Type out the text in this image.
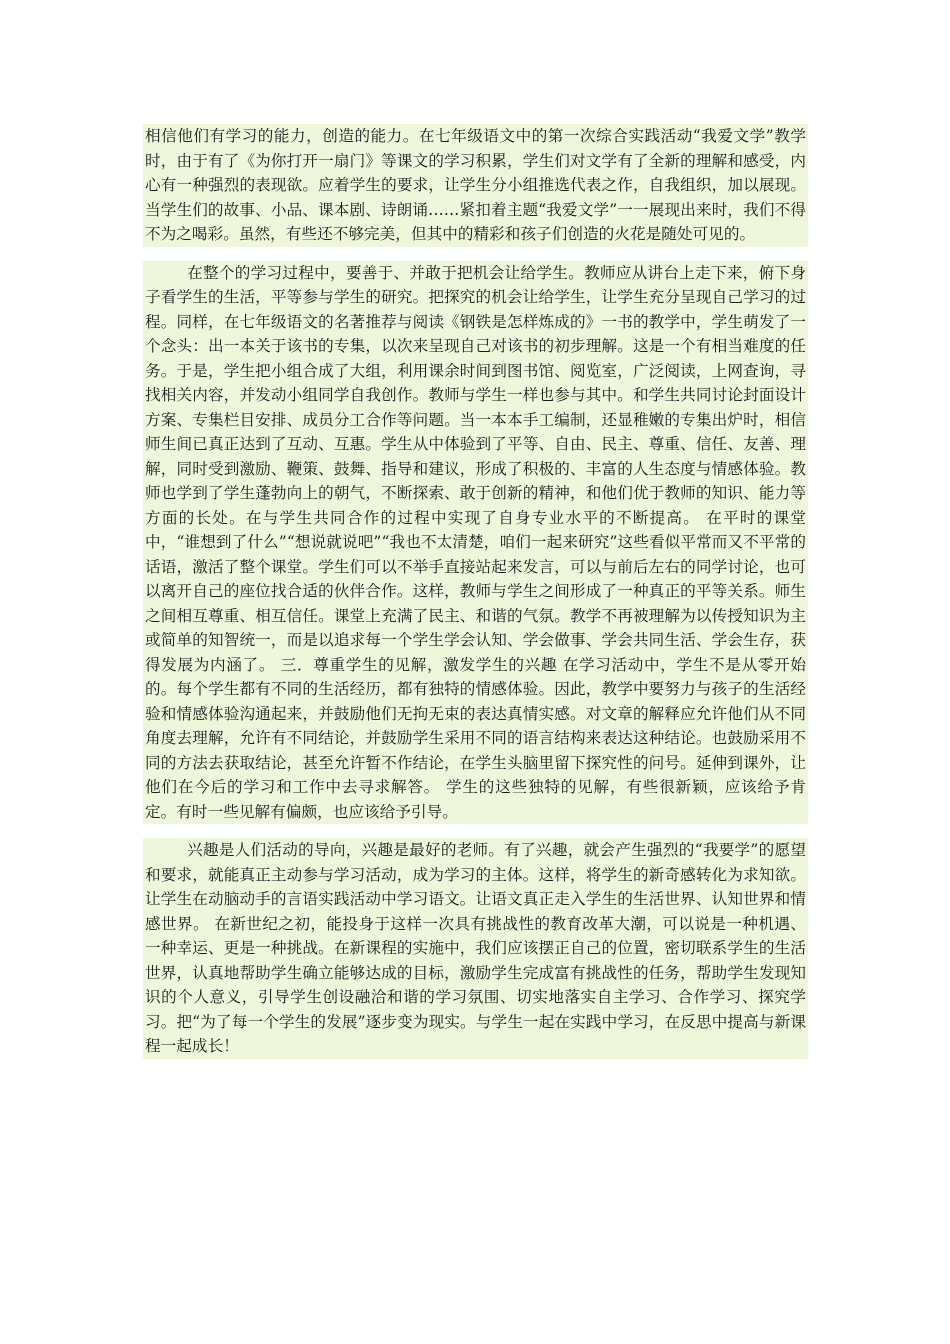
相信他们有学习的能力，创造的能力。在七年级语文中的第一次综合实践活动“我爱文学”教学时，由于有了《为你打开一扇门》等课文的学习积累，学生们对文学有了全新的理解和感受，内心有一种强烈的表现欲。应着学生的要求，让学生分小组推选代表之作，自我组织，加以展现。当学生们的故事、小品、课本剧、诗朗诵……紧扣着主题“我爱文学”一一展现出来时，我们不得不为之喝彩。虽然，有些还不够完美，但其中的精彩和孩子们创造的火花是随处可见的。

在整个的学习过程中，要善于、并敢于把机会让给学生。教师应从讲台上走下来，俯下身子看学生的生活，平等参与学生的研究。把探究的机会让给学生，让学生充分呈现自己学习的过程。同样，在七年级语文的名著推荐与阅读《钢铁是怎样炼成的》一书的教学中，学生萌发了一个念头：出一本关于该书的专集，以次来呈现自己对该书的初步理解。这是一个有相当难度的任务。于是，学生把小组合成了大组，利用课余时间到图书馆、阅览室，广泛阅读，上网查询，寻找相关内容，并发动小组同学自我创作。教师与学生一样也参与其中。和学生共同讨论封面设计方案、专集栏目安排、成员分工合作等问题。当一本本手工编制，还显稚嫩的专集出炉时，相信师生间已真正达到了互动、互惠。学生从中体验到了平等、自由、民主、尊重、信任、友善、理解，同时受到激励、鞭策、鼓舞、指导和建议，形成了积极的、丰富的人生态度与情感体验。教师也学到了学生蓬勃向上的朝气，不断探索、敢于创新的精神，和他们优于教师的知识、能力等方面的长处。在与学生共同合作的过程中实现了自身专业水平的不断提高。 在平时的课堂中，“谁想到了什么”“想说就说吧”“我也不太清楚，咱们一起来研究”这些看似平常而又不平常的话语，激活了整个课堂。学生们可以不举手直接站起来发言，可以与前后左右的同学讨论，也可以离开自己的座位找合适的伙伴合作。这样，教师与学生之间形成了一种真正的平等关系。师生之间相互尊重、相互信任。课堂上充满了民主、和谐的气氛。教学不再被理解为以传授知识为主或简单的知智统一，而是以追求每一个学生学会认知、学会做事、学会共同生活、学会生存，获得发展为内涵了。 三．尊重学生的见解，激发学生的兴趣 在学习活动中，学生不是从零开始的。每个学生都有不同的生活经历，都有独特的情感体验。因此，教学中要努力与孩子的生活经验和情感体验沟通起来，并鼓励他们无拘无束的表达真情实感。对文章的解释应允许他们从不同角度去理解，允许有不同结论，并鼓励学生采用不同的语言结构来表达这种结论。也鼓励采用不同的方法去获取结论，甚至允许暂不作结论，在学生头脑里留下探究性的问号。延伸到课外，让他们在今后的学习和工作中去寻求解答。 学生的这些独特的见解，有些很新颖，应该给予肯定。有时一些见解有偏颇，也应该给予引导。

兴趣是人们活动的导向，兴趣是最好的老师。有了兴趣，就会产生强烈的“我要学”的愿望和要求，就能真正主动参与学习活动，成为学习的主体。这样，将学生的新奇感转化为求知欲。让学生在动脑动手的言语实践活动中学习语文。让语文真正走入学生的生活世界、认知世界和情感世界。 在新世纪之初，能投身于这样一次具有挑战性的教育改革大潮，可以说是一种机遇、一种幸运、更是一种挑战。在新课程的实施中，我们应该摆正自己的位置，密切联系学生的生活世界，认真地帮助学生确立能够达成的目标，激励学生完成富有挑战性的任务，帮助学生发现知识的个人意义，引导学生创设融洽和谐的学习氛围、切实地落实自主学习、合作学习、探究学习。把“为了每一个学生的发展”逐步变为现实。与学生一起在实践中学习，在反思中提高与新课程一起成长！
